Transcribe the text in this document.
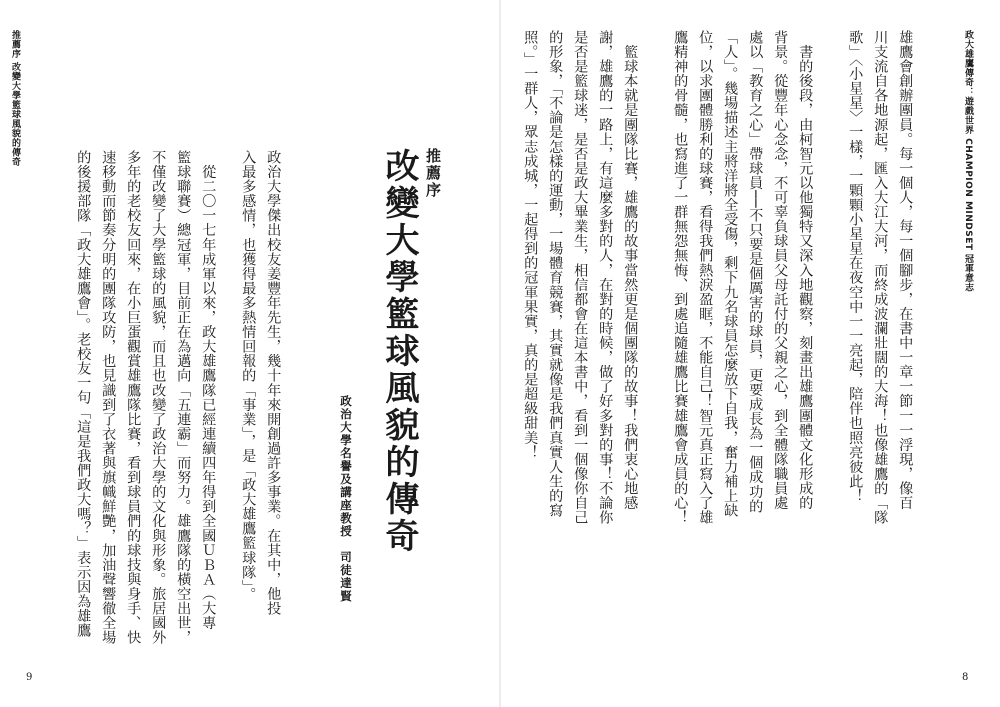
推薦序 改變大學籃球風貌的傳奇
9
的後援部隊「政大雄鷹會」。老校友一句「這是我們政大嗎？」表示因為雄鷹 速移動而節奏分明的團隊攻防，也見識到了衣著與旗幟鮮艷，加油聲響徹全場 多年的老校友回來，在小巨蛋觀賞雄鷹隊比賽，看到球員們的球技與身手、快 不僅改變了大學籃球的風貌，而且也改變了政治大學的文化與形象。旅居國外 籃球聯賽）總冠軍，目前正在為邁向「五連霸」而努力。雄鷹隊的橫空出世， 　從二〇一七年成軍以來，政大雄鷹隊已經連續四年得到全國ＵＢＡ（大專 入最多感情，也獲得最多熱情回報的「事業」，是「政大雄鷹籃球隊」。 政治大學傑出校友姜豐年先生，幾十年來開創過許多事業。在其中，他投	政治大學名譽及講座教授　司徒達賢 改變大學籃球風貌的傳奇 推薦序	照。」一群人，眾志成城，一起得到的冠軍果實，真的是超級甜美！ 的形象，「不論是怎樣的運動，一場體育競賽，其實就像是我們真實人生的寫 是否是籃球迷，是否是政大畢業生，相信都會在這本書中，看到一個像你自己 謝，雄鷹的一路上，有這麼多對的人，在對的時候，做了好多對的事！不論你 　籃球本就是團隊比賽，雄鷹的故事當然更是個團隊的故事！我們衷心地感 鷹精神的骨髓，也寫進了一群無怨無悔、到處追隨雄鷹比賽雄鷹會成員的心！ 位，以求團體勝利的球賽，看得我們熱淚盈眶，不能自己！智元真正寫入了雄 「人」。幾場描述主將洋將全受傷，剩下九名球員怎麼放下自我，奮力補上缺 處以「教育之心」帶球員──不只要是個厲害的球員，更要成長為一個成功的 背景。從豐年心念念，不可辜負球員父母託付的父親之心，到全體隊職員處 　書的後段，由柯智元以他獨特又深入地觀察，刻畫出雄鷹團體文化形成的 歌」〈小星星〉一樣，一顆顆小星星在夜空中一一亮起，陪伴也照亮彼此！ 川支流自各地源起，匯入大江大河，而終成波瀾壯闊的大海！也像雄鷹的「隊 雄鷹會創辦團員。每一個人，每一個腳步，在書中一章一節一一浮現，像百	政大雄鷹傳奇：遊戲世界 CHAMPION MINDSET 冠軍意志
8
